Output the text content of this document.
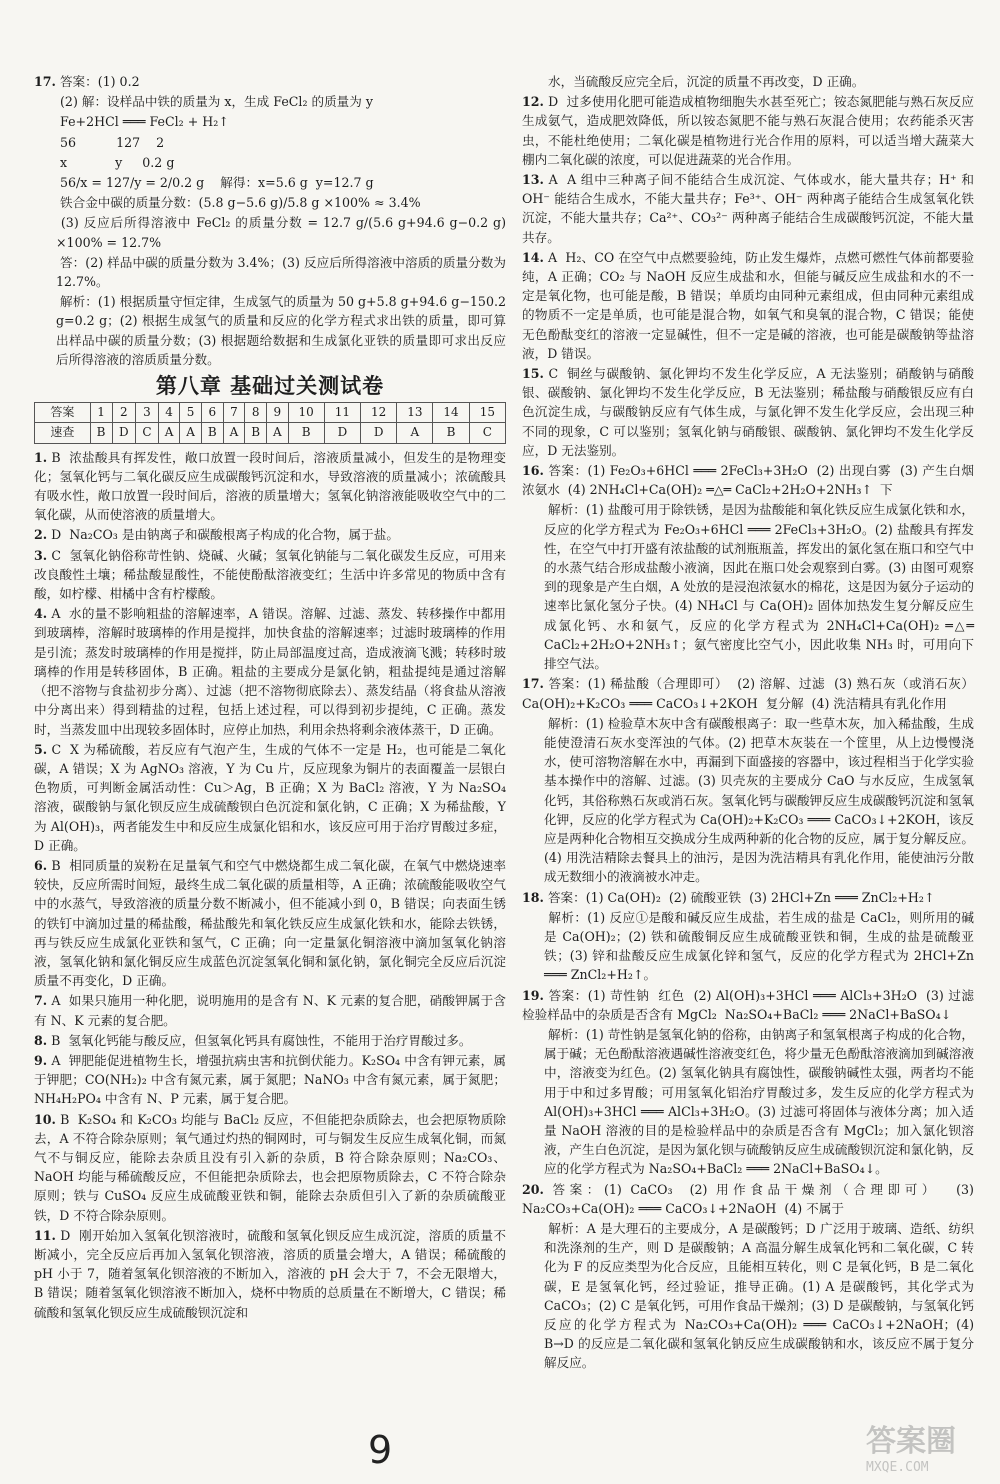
17. 答案：(1) 0.2

(2) 解：设样品中铁的质量为 x，生成 FeCl₂ 的质量为 y

Fe+2HCl ═══ FeCl₂ + H₂↑

56          127    2

x            y     0.2 g

56/x = 127/y = 2/0.2 g    解得：x=5.6 g  y=12.7 g

铁合金中碳的质量分数：(5.8 g−5.6 g)/5.8 g ×100% ≈ 3.4%

(3) 反应后所得溶液中 FeCl₂ 的质量分数 = 12.7 g/(5.6 g+94.6 g−0.2 g) ×100% = 12.7%

答：(2) 样品中碳的质量分数为 3.4%；(3) 反应后所得溶液中溶质的质量分数为 12.7%。

解析：(1) 根据质量守恒定律，生成氢气的质量为 50 g+5.8 g+94.6 g−150.2 g=0.2 g；(2) 根据生成氢气的质量和反应的化学方程式求出铁的质量，即可算出样品中碳的质量分数；(3) 根据题给数据和生成氯化亚铁的质量即可求出反应后所得溶液的溶质质量分数。

第八章 基础过关测试卷
答案	1	2	3	4	5	6	7	8	9	10	11	12	13	14	15
速查	B	D	C	A	A	B	A	B	A	B	D	D	A	B	C

1. B  浓盐酸具有挥发性，敞口放置一段时间后，溶液质量减小，但发生的是物理变化；氢氧化钙与二氧化碳反应生成碳酸钙沉淀和水，导致溶液的质量减小；浓硫酸具有吸水性，敞口放置一段时间后，溶液的质量增大；氢氧化钠溶液能吸收空气中的二氧化碳，从而使溶液的质量增大。

2. D  Na₂CO₃ 是由钠离子和碳酸根离子构成的化合物，属于盐。

3. C  氢氧化钠俗称苛性钠、烧碱、火碱；氢氧化钠能与二氧化碳发生反应，可用来改良酸性土壤；稀盐酸显酸性，不能使酚酞溶液变红；生活中许多常见的物质中含有酸，如柠檬、柑橘中含有柠檬酸。

4. A  水的量不影响粗盐的溶解速率，A 错误。溶解、过滤、蒸发、转移操作中都用到玻璃棒，溶解时玻璃棒的作用是搅拌，加快食盐的溶解速率；过滤时玻璃棒的作用是引流；蒸发时玻璃棒的作用是搅拌，防止局部温度过高，造成液滴飞溅；转移时玻璃棒的作用是转移固体，B 正确。粗盐的主要成分是氯化钠，粗盐提纯是通过溶解（把不溶物与食盐初步分离）、过滤（把不溶物彻底除去）、蒸发结晶（将食盐从溶液中分离出来）得到精盐的过程，包括上述过程，可以得到初步提纯，C 正确。蒸发时，当蒸发皿中出现较多固体时，应停止加热，利用余热将剩余液体蒸干，D 正确。

5. C  X 为稀硫酸，若反应有气泡产生，生成的气体不一定是 H₂，也可能是二氧化碳，A 错误；X 为 AgNO₃ 溶液，Y 为 Cu 片，反应现象为铜片的表面覆盖一层银白色物质，可判断金属活动性：Cu＞Ag，B 正确；X 为 BaCl₂ 溶液，Y 为 Na₂SO₄ 溶液，碳酸钠与氯化钡反应生成硫酸钡白色沉淀和氯化钠，C 正确；X 为稀盐酸，Y 为 Al(OH)₃，两者能发生中和反应生成氯化铝和水，该反应可用于治疗胃酸过多症，D 正确。

6. B  相同质量的炭粉在足量氧气和空气中燃烧都生成二氧化碳，在氧气中燃烧速率较快，反应所需时间短，最终生成二氧化碳的质量相等，A 正确；浓硫酸能吸收空气中的水蒸气，导致溶液的质量分数不断减小，但不能减小到 0，B 错误；向表面生锈的铁钉中滴加过量的稀盐酸，稀盐酸先和氧化铁反应生成氯化铁和水，能除去铁锈，再与铁反应生成氯化亚铁和氢气，C 正确；向一定量氯化铜溶液中滴加氢氧化钠溶液，氢氧化钠和氯化铜反应生成蓝色沉淀氢氧化铜和氯化钠，氯化铜完全反应后沉淀质量不再变化，D 正确。

7. A  如果只施用一种化肥，说明施用的是含有 N、K 元素的复合肥，硝酸钾属于含有 N、K 元素的复合肥。

8. B  氢氧化钙能与酸反应，但氢氧化钙具有腐蚀性，不能用于治疗胃酸过多。

9. A  钾肥能促进植物生长，增强抗病虫害和抗倒伏能力。K₂SO₄ 中含有钾元素，属于钾肥；CO(NH₂)₂ 中含有氮元素，属于氮肥；NaNO₃ 中含有氮元素，属于氮肥；NH₄H₂PO₄ 中含有 N、P 元素，属于复合肥。

10. B  K₂SO₄ 和 K₂CO₃ 均能与 BaCl₂ 反应，不但能把杂质除去，也会把原物质除去，A 不符合除杂原则；氧气通过灼热的铜网时，可与铜发生反应生成氧化铜，而氮气不与铜反应，能除去杂质且没有引入新的杂质，B 符合除杂原则；Na₂CO₃、NaOH 均能与稀硫酸反应，不但能把杂质除去，也会把原物质除去，C 不符合除杂原则；铁与 CuSO₄ 反应生成硫酸亚铁和铜，能除去杂质但引入了新的杂质硫酸亚铁，D 不符合除杂原则。

11. D  刚开始加入氢氧化钡溶液时，硫酸和氢氧化钡反应生成沉淀，溶质的质量不断减小，完全反应后再加入氢氧化钡溶液，溶质的质量会增大，A 错误；稀硫酸的 pH 小于 7，随着氢氧化钡溶液的不断加入，溶液的 pH 会大于 7，不会无限增大，B 错误；随着氢氧化钡溶液不断加入，烧杯中物质的总质量在不断增大，C 错误；稀硫酸和氢氧化钡反应生成硫酸钡沉淀和

水，当硫酸反应完全后，沉淀的质量不再改变，D 正确。

12. D  过多使用化肥可能造成植物细胞失水甚至死亡；铵态氮肥能与熟石灰反应生成氨气，造成肥效降低，所以铵态氮肥不能与熟石灰混合使用；农药能杀灭害虫，不能杜绝使用；二氧化碳是植物进行光合作用的原料，可以适当增大蔬菜大棚内二氧化碳的浓度，可以促进蔬菜的光合作用。

13. A  A 组中三种离子间不能结合生成沉淀、气体或水，能大量共存；H⁺ 和 OH⁻ 能结合生成水，不能大量共存；Fe³⁺、OH⁻ 两种离子能结合生成氢氧化铁沉淀，不能大量共存；Ca²⁺、CO₃²⁻ 两种离子能结合生成碳酸钙沉淀，不能大量共存。

14. A  H₂、CO 在空气中点燃要验纯，防止发生爆炸，点燃可燃性气体前都要验纯，A 正确；CO₂ 与 NaOH 反应生成盐和水，但能与碱反应生成盐和水的不一定是氧化物，也可能是酸，B 错误；单质均由同种元素组成，但由同种元素组成的物质不一定是单质，也可能是混合物，如氧气和臭氧的混合物，C 错误；能使无色酚酞变红的溶液一定显碱性，但不一定是碱的溶液，也可能是碳酸钠等盐溶液，D 错误。

15. C  铜丝与碳酸钠、氯化钾均不发生化学反应，A 无法鉴别；硝酸钠与硝酸银、碳酸钠、氯化钾均不发生化学反应，B 无法鉴别；稀盐酸与硝酸银反应有白色沉淀生成，与碳酸钠反应有气体生成，与氯化钾不发生化学反应，会出现三种不同的现象，C 可以鉴别；氢氧化钠与硝酸银、碳酸钠、氯化钾均不发生化学反应，D 无法鉴别。

16. 答案：(1) Fe₂O₃+6HCl ═══ 2FeCl₃+3H₂O  (2) 出现白雾  (3) 产生白烟  浓氨水  (4) 2NH₄Cl+Ca(OH)₂ ═△═ CaCl₂+2H₂O+2NH₃↑  下

解析：(1) 盐酸可用于除铁锈，是因为盐酸能和氧化铁反应生成氯化铁和水，反应的化学方程式为 Fe₂O₃+6HCl ═══ 2FeCl₃+3H₂O。(2) 盐酸具有挥发性，在空气中打开盛有浓盐酸的试剂瓶瓶盖，挥发出的氯化氢在瓶口和空气中的水蒸气结合形成盐酸小液滴，因此在瓶口处会观察到白雾。(3) 由图可观察到的现象是产生白烟，A 处放的是浸泡浓氨水的棉花，这是因为氨分子运动的速率比氯化氢分子快。(4) NH₄Cl 与 Ca(OH)₂ 固体加热发生复分解反应生成氯化钙、水和氨气，反应的化学方程式为 2NH₄Cl+Ca(OH)₂ ═△═ CaCl₂+2H₂O+2NH₃↑；氨气密度比空气小，因此收集 NH₃ 时，可用向下排空气法。

17. 答案：(1) 稀盐酸（合理即可）  (2) 溶解、过滤  (3) 熟石灰（或消石灰）  Ca(OH)₂+K₂CO₃ ═══ CaCO₃↓+2KOH  复分解  (4) 洗洁精具有乳化作用

解析：(1) 检验草木灰中含有碳酸根离子：取一些草木灰，加入稀盐酸，生成能使澄清石灰水变浑浊的气体。(2) 把草木灰装在一个筐里，从上边慢慢浇水，使可溶物溶解在水中，再漏到下面盛接的容器中，该过程相当于化学实验基本操作中的溶解、过滤。(3) 贝壳灰的主要成分 CaO 与水反应，生成氢氧化钙，其俗称熟石灰或消石灰。氢氧化钙与碳酸钾反应生成碳酸钙沉淀和氢氧化钾，反应的化学方程式为 Ca(OH)₂+K₂CO₃ ═══ CaCO₃↓+2KOH，该反应是两种化合物相互交换成分生成两种新的化合物的反应，属于复分解反应。(4) 用洗洁精除去餐具上的油污，是因为洗洁精具有乳化作用，能使油污分散成无数细小的液滴被水冲走。

18. 答案：(1) Ca(OH)₂  (2) 硫酸亚铁  (3) 2HCl+Zn ═══ ZnCl₂+H₂↑

解析：(1) 反应①是酸和碱反应生成盐，若生成的盐是 CaCl₂，则所用的碱是 Ca(OH)₂；(2) 铁和硫酸铜反应生成硫酸亚铁和铜，生成的盐是硫酸亚铁；(3) 锌和盐酸反应生成氯化锌和氢气，反应的化学方程式为 2HCl+Zn ═══ ZnCl₂+H₂↑。

19. 答案：(1) 苛性钠  红色  (2) Al(OH)₃+3HCl ═══ AlCl₃+3H₂O  (3) 过滤  检验样品中的杂质是否含有 MgCl₂  Na₂SO₄+BaCl₂ ═══ 2NaCl+BaSO₄↓

解析：(1) 苛性钠是氢氧化钠的俗称，由钠离子和氢氧根离子构成的化合物，属于碱；无色酚酞溶液遇碱性溶液变红色，将少量无色酚酞溶液滴加到碱溶液中，溶液变为红色。(2) 氢氧化钠具有腐蚀性，碳酸钠碱性太强，两者均不能用于中和过多胃酸；可用氢氧化铝治疗胃酸过多，发生反应的化学方程式为 Al(OH)₃+3HCl ═══ AlCl₃+3H₂O。(3) 过滤可将固体与液体分离；加入适量 NaOH 溶液的目的是检验样品中的杂质是否含有 MgCl₂；加入氯化钡溶液，产生白色沉淀，是因为氯化钡与硫酸钠反应生成硫酸钡沉淀和氯化钠，反应的化学方程式为 Na₂SO₄+BaCl₂ ═══ 2NaCl+BaSO₄↓。

20. 答案：(1) CaCO₃  (2) 用作食品干燥剂（合理即可）  (3) Na₂CO₃+Ca(OH)₂ ═══ CaCO₃↓+2NaOH  (4) 不属于

解析：A 是大理石的主要成分，A 是碳酸钙；D 广泛用于玻璃、造纸、纺织和洗涤剂的生产，则 D 是碳酸钠；A 高温分解生成氧化钙和二氧化碳，C 转化为 F 的反应类型为化合反应，且能相互转化，则 C 是氧化钙，B 是二氧化碳，E 是氢氧化钙，经过验证，推导正确。(1) A 是碳酸钙，其化学式为 CaCO₃；(2) C 是氧化钙，可用作食品干燥剂；(3) D 是碳酸钠，与氢氧化钙反应的化学方程式为 Na₂CO₃+Ca(OH)₂ ═══ CaCO₃↓+2NaOH；(4) B→D 的反应是二氧化碳和氢氧化钠反应生成碳酸钠和水，该反应不属于复分解反应。

9	答案圈
MXQE.COM
